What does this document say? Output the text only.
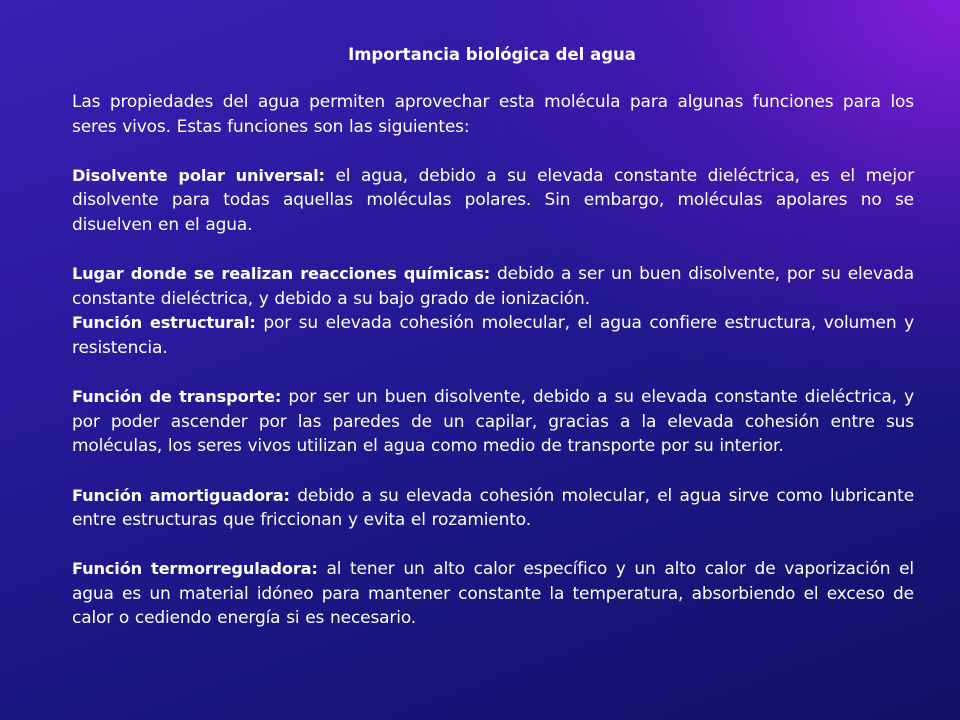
Importancia biológica del agua

Las propiedades del agua permiten aprovechar esta molécula para algunas funciones para los seres vivos. Estas funciones son las siguientes:

Disolvente polar universal: el agua, debido a su elevada constante dieléctrica, es el mejor disolvente para todas aquellas moléculas polares. Sin embargo, moléculas apolares no se disuelven en el agua.

Lugar donde se realizan reacciones químicas: debido a ser un buen disolvente, por su elevada constante dieléctrica, y debido a su bajo grado de ionización.

Función estructural: por su elevada cohesión molecular, el agua confiere estructura, volumen y resistencia.

Función de transporte: por ser un buen disolvente, debido a su elevada constante dieléctrica, y por poder ascender por las paredes de un capilar, gracias a la elevada cohesión entre sus moléculas, los seres vivos utilizan el agua como medio de transporte por su interior.

Función amortiguadora: debido a su elevada cohesión molecular, el agua sirve como lubricante entre estructuras que friccionan y evita el rozamiento.

Función termorreguladora: al tener un alto calor específico y un alto calor de vaporización el agua es un material idóneo para mantener constante la temperatura, absorbiendo el exceso de calor o cediendo energía si es necesario.
